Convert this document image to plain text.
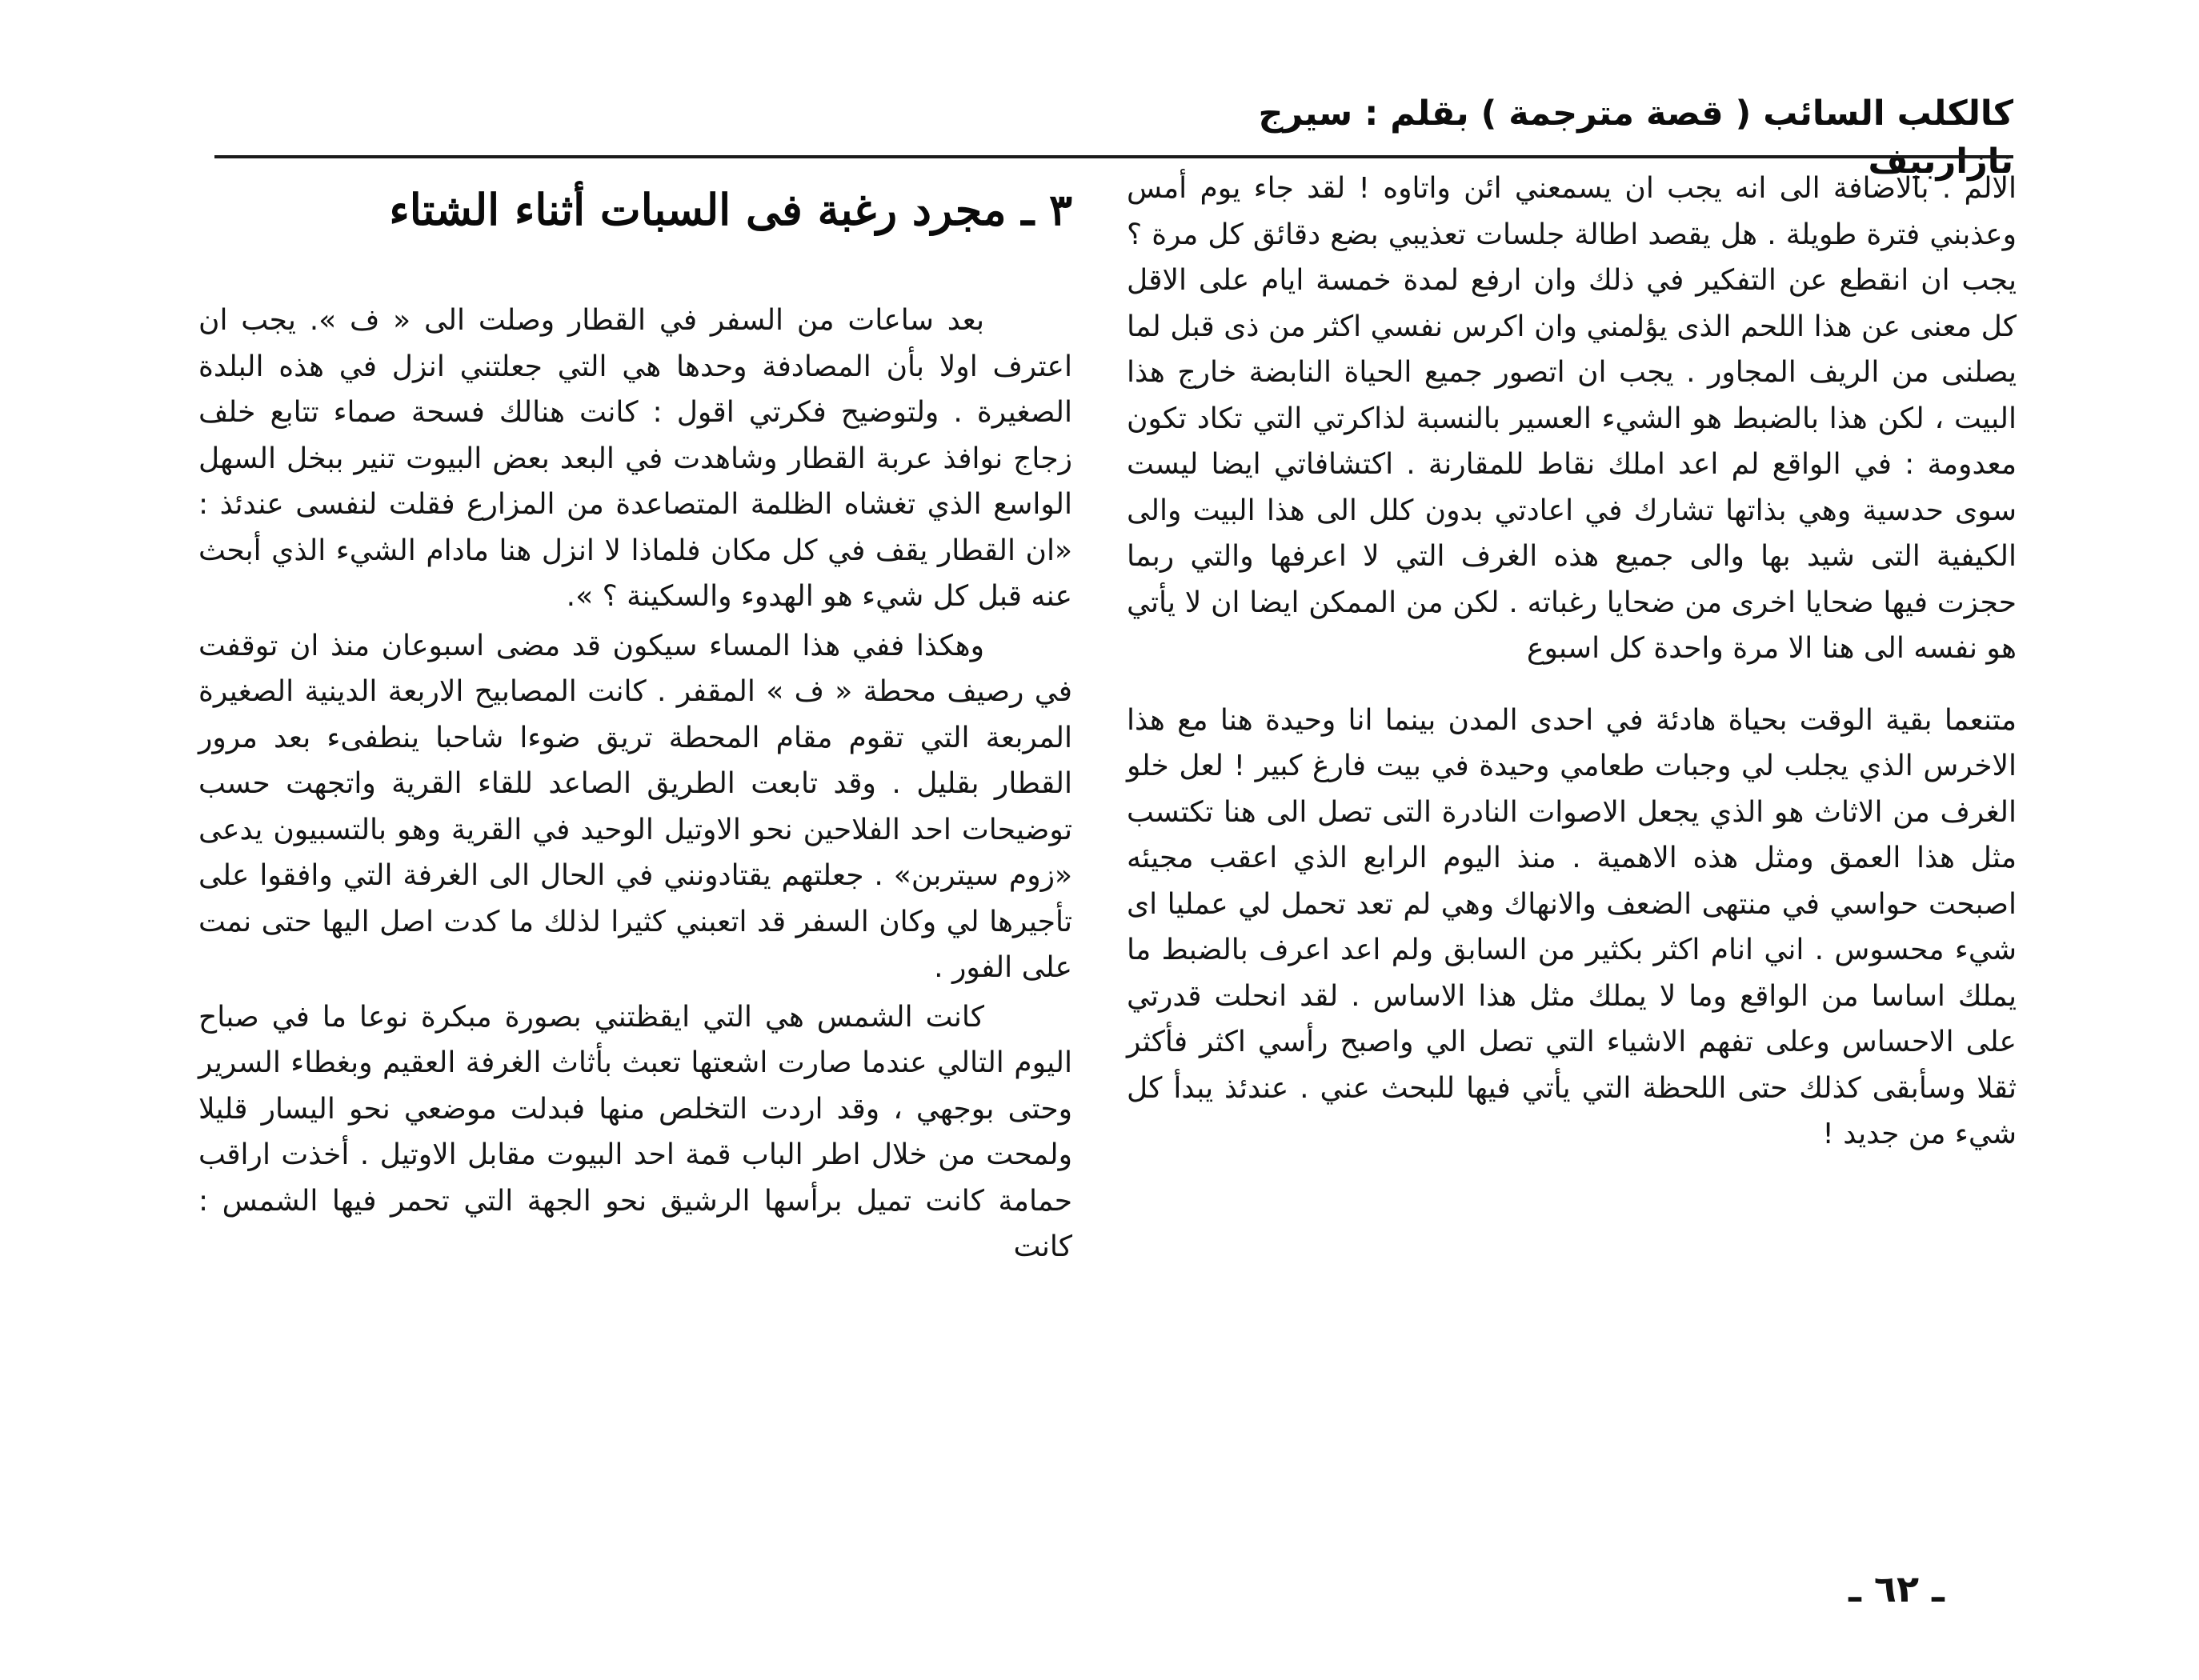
كالكلب السائب ( قصة مترجمة ) بقلم : سيرج نازاربيف

الالم . بالاضافة الى انه يجب ان يسمعني ائن واتاوه ! لقد جاء يوم أمس وعذبني فترة طويلة . هل يقصد اطالة جلسات تعذيبي بضع دقائق كل مرة ؟ يجب ان انقطع عن التفكير في ذلك وان ارفع لمدة خمسة ايام على الاقل كل معنى عن هذا اللحم الذى يؤلمني وان اكرس نفسي اكثر من ذى قبل لما يصلنى من الريف المجاور . يجب ان اتصور جميع الحياة النابضة خارج هذا البيت ، لكن هذا بالضبط هو الشيء العسير بالنسبة لذاكرتي التي تكاد تكون معدومة : في الواقع لم اعد املك نقاط للمقارنة . اكتشافاتي ايضا ليست سوى حدسية وهي بذاتها تشارك في اعادتي بدون كلل الى هذا البيت والى الكيفية التى شيد بها والى جميع هذه الغرف التي لا اعرفها والتي ربما حجزت فيها ضحايا اخرى من ضحايا رغباته . لكن من الممكن ايضا ان لا يأتي هو نفسه الى هنا الا مرة واحدة كل اسبوع

متنعما بقية الوقت بحياة هادئة في احدى المدن بينما انا وحيدة هنا مع هذا الاخرس الذي يجلب لي وجبات طعامي وحيدة في بيت فارغ كبير ! لعل خلو الغرف من الاثاث هو الذي يجعل الاصوات النادرة التى تصل الى هنا تكتسب مثل هذا العمق ومثل هذه الاهمية . منذ اليوم الرابع الذي اعقب مجيئه اصبحت حواسي في منتهى الضعف والانهاك وهي لم تعد تحمل لي عمليا اى شيء محسوس . اني انام اكثر بكثير من السابق ولم اعد اعرف بالضبط ما يملك اساسا من الواقع وما لا يملك مثل هذا الاساس . لقد انحلت قدرتي على الاحساس وعلى تفهم الاشياء التي تصل الي واصبح رأسي اكثر فأكثر ثقلا وسأبقى كذلك حتى اللحظة التي يأتي فيها للبحث عني . عندئذ يبدأ كل شيء من جديد !

٣ ـ مجرد رغبة فى السبات أثناء الشتاء

بعد ساعات من السفر في القطار وصلت الى « ف ». يجب ان اعترف اولا بأن المصادفة وحدها هي التي جعلتني انزل في هذه البلدة الصغيرة . ولتوضيح فكرتي اقول : كانت هنالك فسحة صماء تتابع خلف زجاج نوافذ عربة القطار وشاهدت في البعد بعض البيوت تنير ببخل السهل الواسع الذي تغشاه الظلمة المتصاعدة من المزارع فقلت لنفسى عندئذ : «ان القطار يقف في كل مكان فلماذا لا انزل هنا مادام الشيء الذي أبحث عنه قبل كل شيء هو الهدوء والسكينة ؟ ».

وهكذا ففي هذا المساء سيكون قد مضى اسبوعان منذ ان توقفت في رصيف محطة « ف » المقفر . كانت المصابيح الاربعة الدينية الصغيرة المربعة التي تقوم مقام المحطة تريق ضوءا شاحبا ينطفىء بعد مرور القطار بقليل . وقد تابعت الطريق الصاعد للقاء القرية واتجهت حسب توضيحات احد الفلاحين نحو الاوتيل الوحيد في القرية وهو بالتسبيون يدعى «زوم سيتربن» . جعلتهم يقتادونني في الحال الى الغرفة التي وافقوا على تأجيرها لي وكان السفر قد اتعبني كثيرا لذلك ما كدت اصل اليها حتى نمت على الفور .

كانت الشمس هي التي ايقظتني بصورة مبكرة نوعا ما في صباح اليوم التالي عندما صارت اشعتها تعبث بأثاث الغرفة العقيم وبغطاء السرير وحتى بوجهي ، وقد اردت التخلص منها فبدلت موضعي نحو اليسار قليلا ولمحت من خلال اطر الباب قمة احد البيوت مقابل الاوتيل . أخذت اراقب حمامة كانت تميل برأسها الرشيق نحو الجهة التي تحمر فيها الشمس : كانت

ـ ٦٢ ـ
